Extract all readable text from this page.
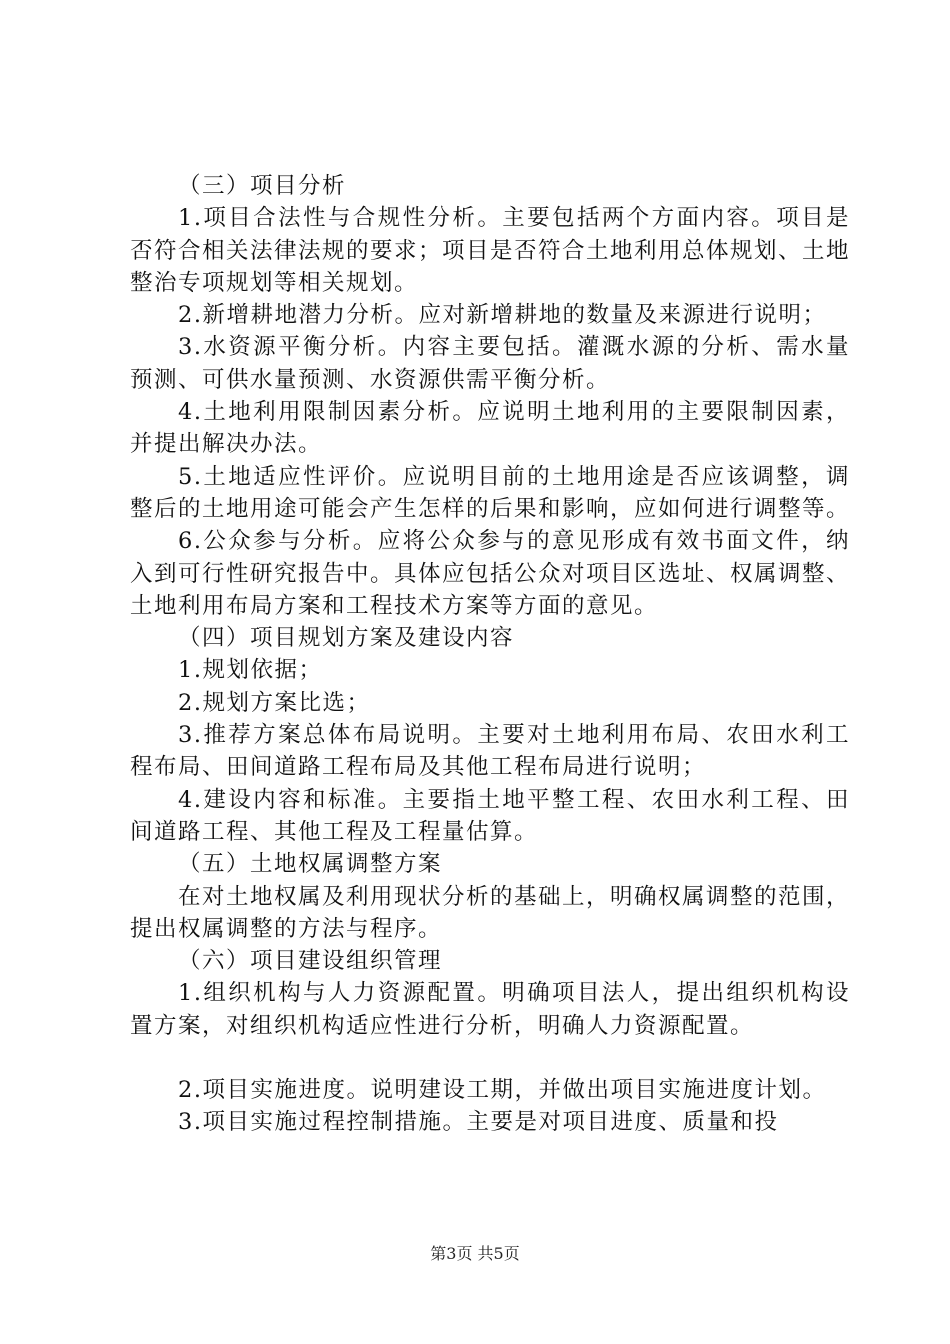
（三）项目分析

1.项目合法性与合规性分析。主要包括两个方面内容。项目是否符合相关法律法规的要求；项目是否符合土地利用总体规划、土地整治专项规划等相关规划。

2.新增耕地潜力分析。应对新增耕地的数量及来源进行说明；

3.水资源平衡分析。内容主要包括。灌溉水源的分析、需水量预测、可供水量预测、水资源供需平衡分析。

4.土地利用限制因素分析。应说明土地利用的主要限制因素，并提出解决办法。

5.土地适应性评价。应说明目前的土地用途是否应该调整，调整后的土地用途可能会产生怎样的后果和影响，应如何进行调整等。

6.公众参与分析。应将公众参与的意见形成有效书面文件，纳入到可行性研究报告中。具体应包括公众对项目区选址、权属调整、土地利用布局方案和工程技术方案等方面的意见。

（四）项目规划方案及建设内容

1.规划依据；

2.规划方案比选；

3.推荐方案总体布局说明。主要对土地利用布局、农田水利工程布局、田间道路工程布局及其他工程布局进行说明；

4.建设内容和标准。主要指土地平整工程、农田水利工程、田间道路工程、其他工程及工程量估算。

（五）土地权属调整方案

在对土地权属及利用现状分析的基础上，明确权属调整的范围，提出权属调整的方法与程序。

（六）项目建设组织管理

1.组织机构与人力资源配置。明确项目法人，提出组织机构设置方案，对组织机构适应性进行分析，明确人力资源配置。

2.项目实施进度。说明建设工期，并做出项目实施进度计划。

3.项目实施过程控制措施。主要是对项目进度、质量和投

第3页 共5页
